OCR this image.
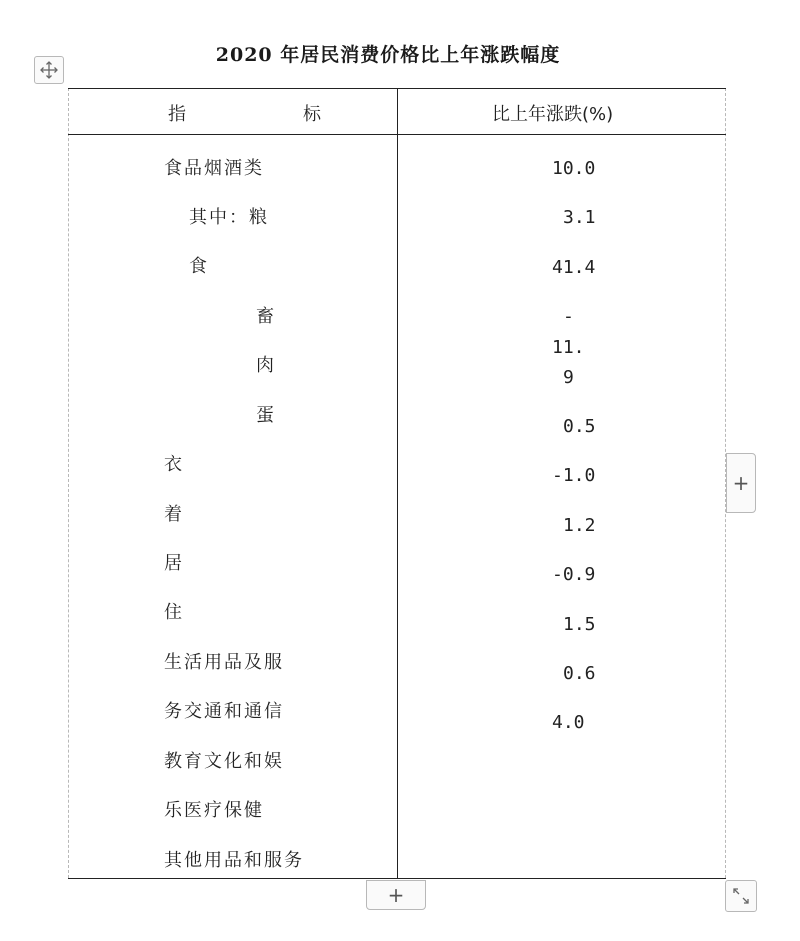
2020 年居民消费价格比上年涨跌幅度
指	标	比上年涨跌(%)
食品烟酒类
其中：粮
食
畜
肉
蛋
衣
着
居
住
生活用品及服
务交通和通信
教育文化和娱
乐医疗保健
其他用品和服务
10.0
3.1
41.4
-
11.
9
0.5
-1.0
1.2
-0.9
1.5
0.6
4.0
+
+
